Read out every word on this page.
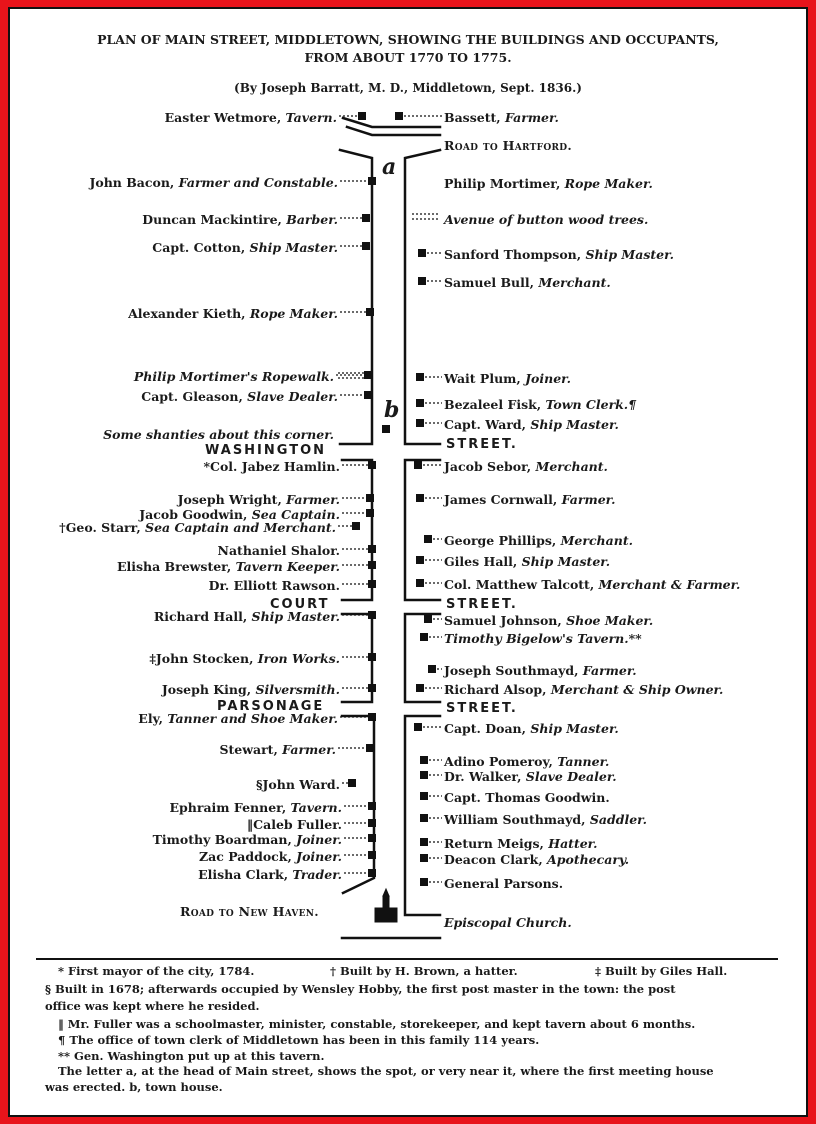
PLAN OF MAIN STREET, MIDDLETOWN, SHOWING THE BUILDINGS AND OCCUPANTS,
FROM ABOUT 1770 TO 1775.
(By Joseph Barratt, M. D., Middletown, Sept. 1836.)
a
b
Road to Hartford.
Road to New Haven.
WASHINGTON	STREET.
COURT	STREET.
PARSONAGE	STREET.
Easter Wetmore, Tavern.
John Bacon, Farmer and Constable.
Duncan Mackintire, Barber.
Capt. Cotton, Ship Master.
Alexander Kieth, Rope Maker.
Philip Mortimer's Ropewalk.
Capt. Gleason, Slave Dealer.
Some shanties about this corner.
*Col. Jabez Hamlin.
Joseph Wright, Farmer.
Jacob Goodwin, Sea Captain.
†Geo. Starr, Sea Captain and Merchant.
Nathaniel Shalor.
Elisha Brewster, Tavern Keeper.
Dr. Elliott Rawson.
Richard Hall, Ship Master.
‡John Stocken, Iron Works.
Joseph King, Silversmith.
Ely, Tanner and Shoe Maker.
Stewart, Farmer.
§John Ward.
Ephraim Fenner, Tavern.
‖Caleb Fuller.
Timothy Boardman, Joiner.
Zac Paddock, Joiner.
Elisha Clark, Trader.
Bassett, Farmer.
Philip Mortimer, Rope Maker.
Avenue of button wood trees.
Sanford Thompson, Ship Master.
Samuel Bull, Merchant.
Wait Plum, Joiner.
Bezaleel Fisk, Town Clerk.¶
Capt. Ward, Ship Master.
Jacob Sebor, Merchant.
James Cornwall, Farmer.
George Phillips, Merchant.
Giles Hall, Ship Master.
Col. Matthew Talcott, Merchant & Farmer.
Samuel Johnson, Shoe Maker.
Timothy Bigelow's Tavern.**
Joseph Southmayd, Farmer.
Richard Alsop, Merchant & Ship Owner.
Capt. Doan, Ship Master.
Adino Pomeroy, Tanner.
Dr. Walker, Slave Dealer.
Capt. Thomas Goodwin.
William Southmayd, Saddler.
Return Meigs, Hatter.
Deacon Clark, Apothecary.
General Parsons.
Episcopal Church.
* First mayor of the city, 1784.	† Built by H. Brown, a hatter.	‡ Built by Giles Hall.
§ Built in 1678; afterwards occupied by Wensley Hobby, the first post master in the town: the post
office was kept where he resided.
‖ Mr. Fuller was a schoolmaster, minister, constable, storekeeper, and kept tavern about 6 months.
¶ The office of town clerk of Middletown has been in this family 114 years.
** Gen. Washington put up at this tavern.
The letter a, at the head of Main street, shows the spot, or very near it, where the first meeting house
was erected. b, town house.
